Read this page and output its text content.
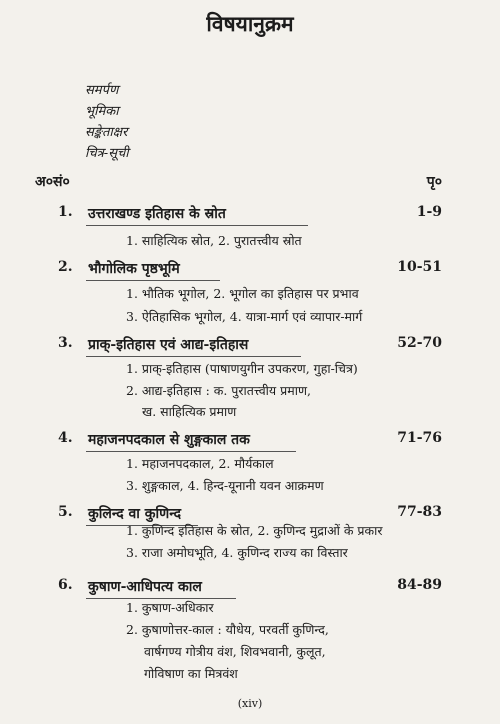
विषयानुक्रम
समर्पण
भूमिका
सङ्केताक्षर
चित्र-सूची
अ०सं०	पृ०
1. उत्तराखण्ड इतिहास के स्रोत	1-9
1. साहित्यिक स्रोत, 2. पुरातत्त्वीय स्रोत
2. भौगोलिक पृष्ठभूमि	10-51
1. भौतिक भूगोल, 2. भूगोल का इतिहास पर प्रभाव
3. ऐतिहासिक भूगोल, 4. यात्रा-मार्ग एवं व्यापार-मार्ग
3. प्राक्-इतिहास एवं आद्य-इतिहास	52-70
1. प्राक्-इतिहास (पाषाणयुगीन उपकरण, गुहा-चित्र)
2. आद्य-इतिहास : क. पुरातत्त्वीय प्रमाण,
ख. साहित्यिक प्रमाण
4. महाजनपदकाल से शुङ्गकाल तक	71-76
1. महाजनपदकाल, 2. मौर्यकाल
3. शुङ्गकाल, 4. हिन्द-यूनानी यवन आक्रमण
5. कुलिन्द वा कुणिन्द	77-83
1. कुणिन्द इतिहास के स्रोत, 2. कुणिन्द मुद्राओं के प्रकार
3. राजा अमोघभूति, 4. कुणिन्द राज्य का विस्तार
6. कुषाण-आधिपत्य काल	84-89
1. कुषाण-अधिकार
2. कुषाणोत्तर-काल : यौधेय, परवर्ती कुणिन्द,
वार्षगण्य गोत्रीय वंश, शिवभवानी, कुलूत,
गोविषाण का मित्रवंश
(xiv)
